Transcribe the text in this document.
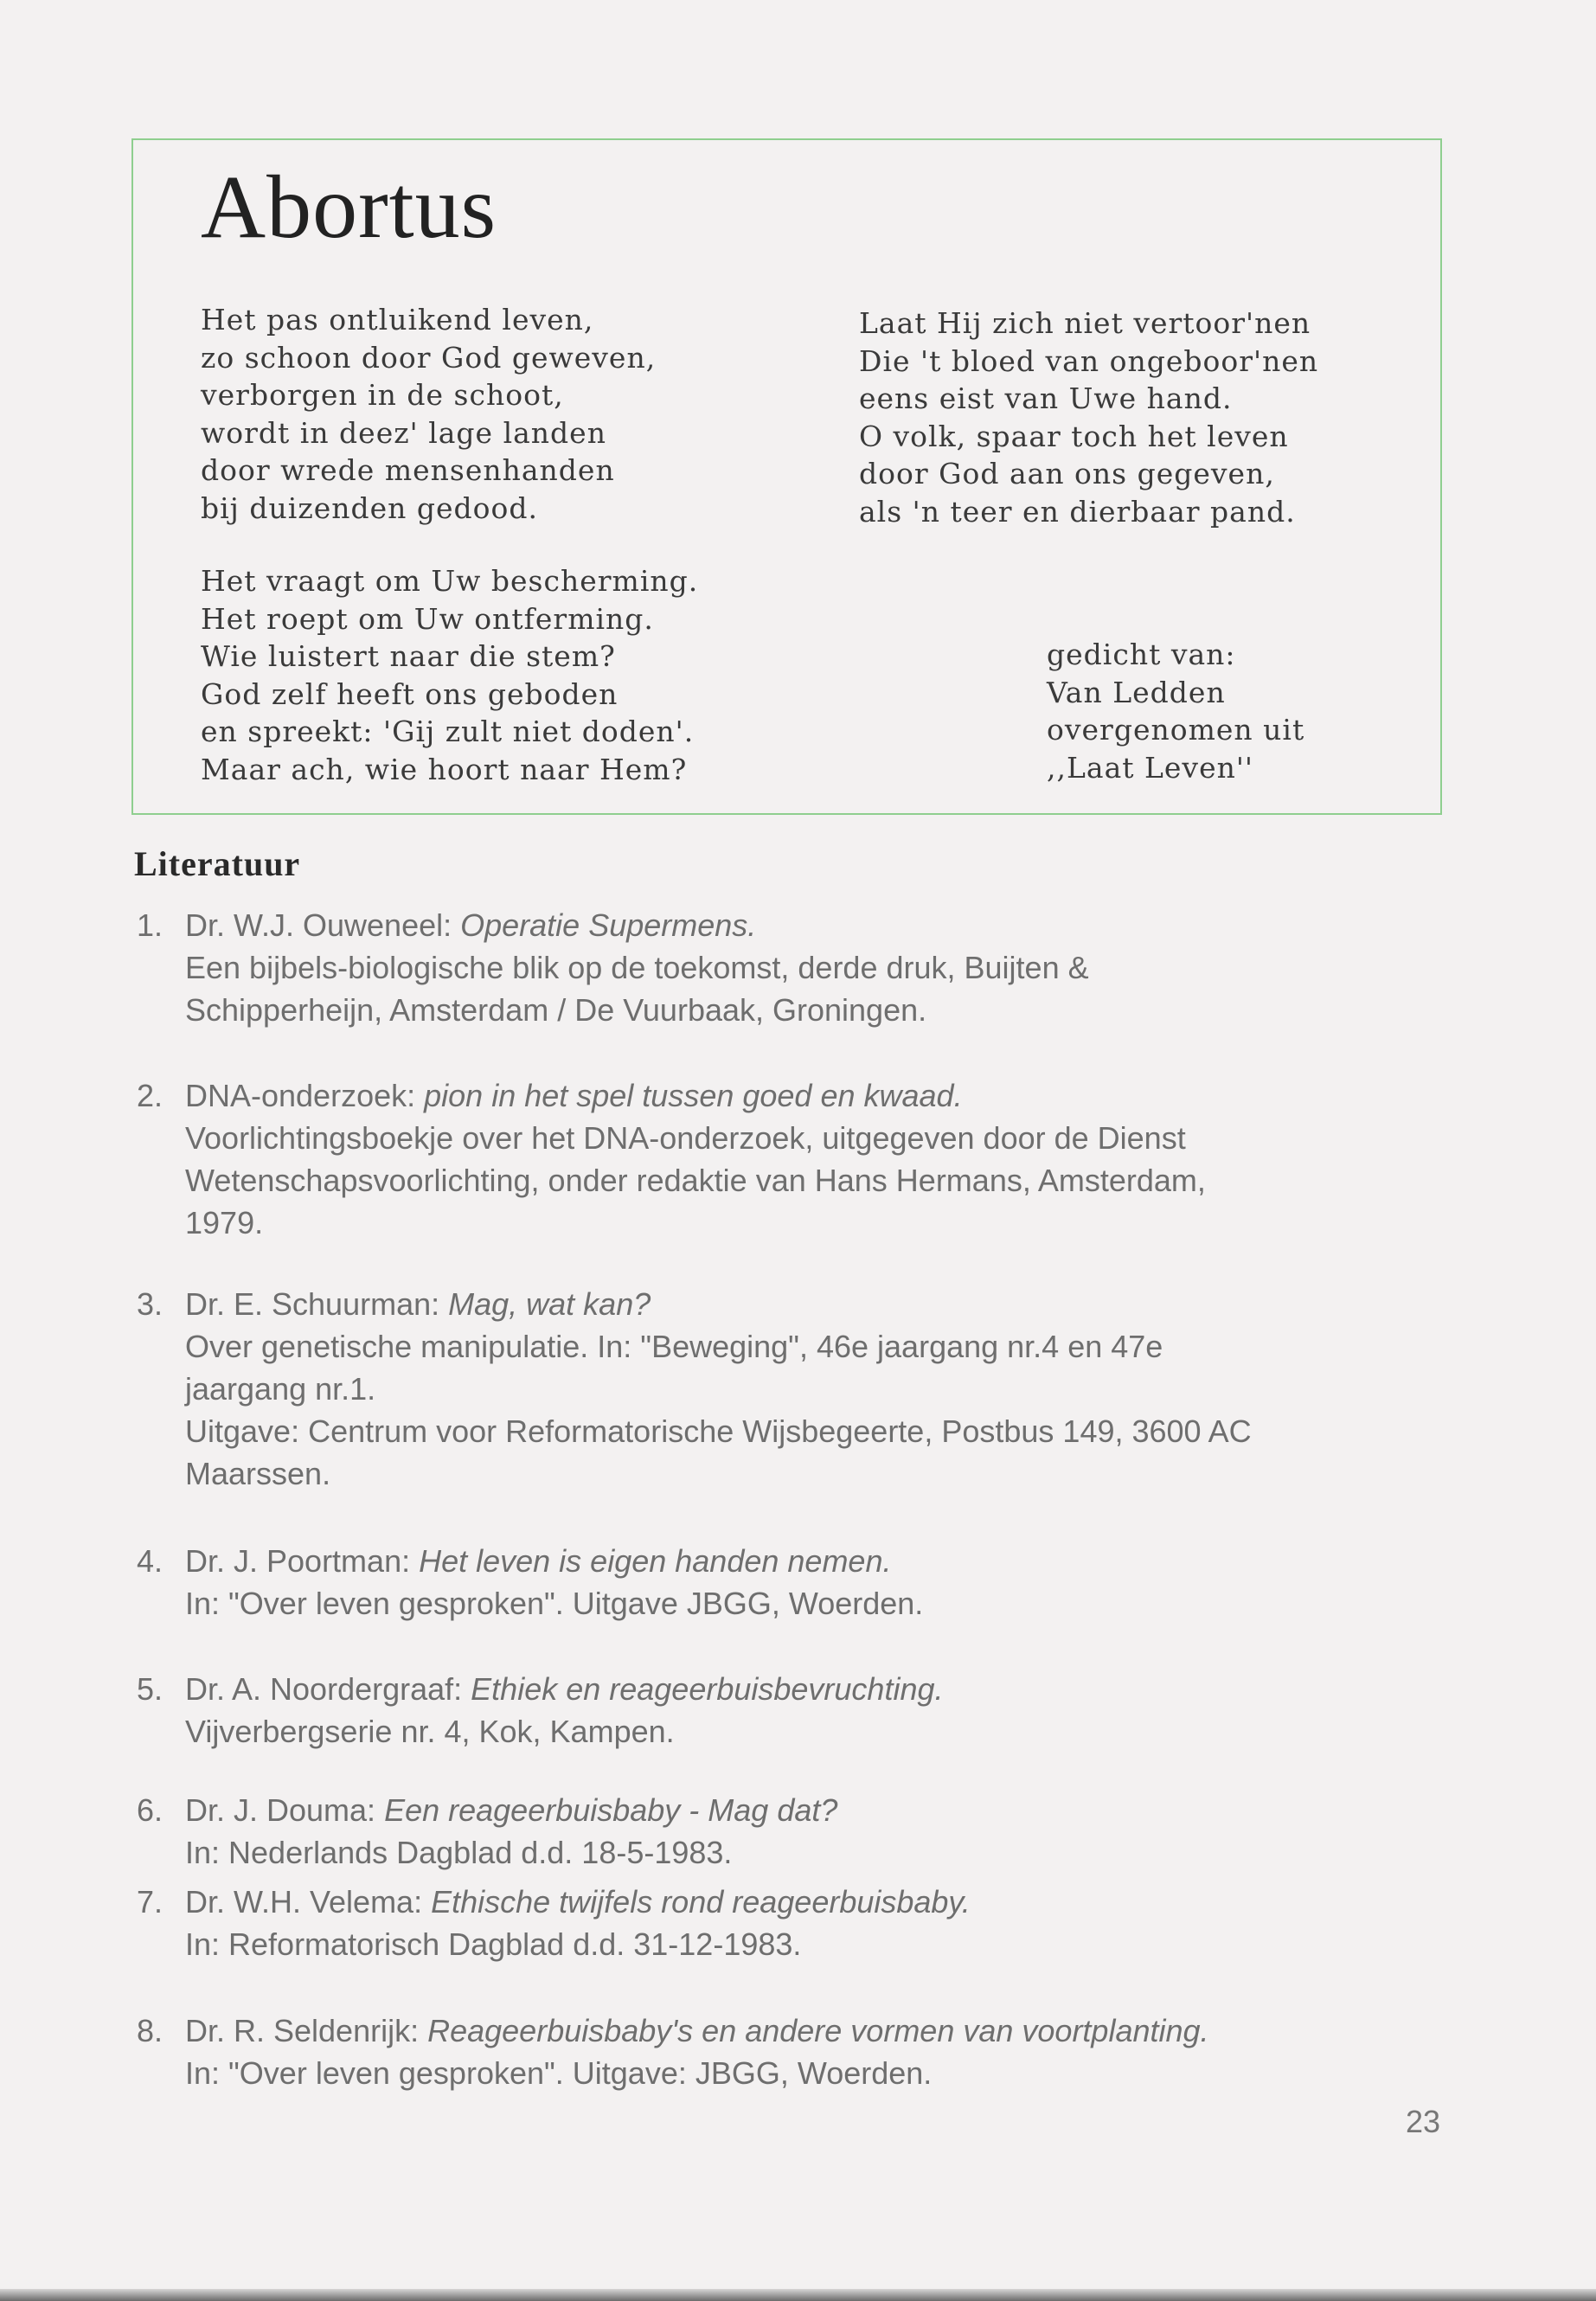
Abortus
Het pas ontluikend leven,
zo schoon door God geweven,
verborgen in de schoot,
wordt in deez' lage landen
door wrede mensenhanden
bij duizenden gedood.
Het vraagt om Uw bescherming.
Het roept om Uw ontferming.
Wie luistert naar die stem?
God zelf heeft ons geboden
en spreekt: 'Gij zult niet doden'.
Maar ach, wie hoort naar Hem?
Laat Hij zich niet vertoor'nen
Die 't bloed van ongeboor'nen
eens eist van Uwe hand.
O volk, spaar toch het leven
door God aan ons gegeven,
als 'n teer en dierbaar pand.
gedicht van:
Van Ledden
overgenomen uit
,,Laat Leven''
Literatuur
1. Dr. W.J. Ouweneel: Operatie Supermens.
Een bijbels-biologische blik op de toekomst, derde druk, Buijten &
Schipperheijn, Amsterdam / De Vuurbaak, Groningen.
2. DNA-onderzoek: pion in het spel tussen goed en kwaad.
Voorlichtingsboekje over het DNA-onderzoek, uitgegeven door de Dienst
Wetenschapsvoorlichting, onder redaktie van Hans Hermans, Amsterdam,
1979.
3. Dr. E. Schuurman: Mag, wat kan?
Over genetische manipulatie. In: "Beweging", 46e jaargang nr.4 en 47e
jaargang nr.1.
Uitgave: Centrum voor Reformatorische Wijsbegeerte, Postbus 149, 3600 AC
Maarssen.
4. Dr. J. Poortman: Het leven is eigen handen nemen.
In: "Over leven gesproken". Uitgave JBGG, Woerden.
5. Dr. A. Noordergraaf: Ethiek en reageerbuisbevruchting.
Vijverbergserie nr. 4, Kok, Kampen.
6. Dr. J. Douma: Een reageerbuisbaby - Mag dat?
In: Nederlands Dagblad d.d. 18-5-1983.
7. Dr. W.H. Velema: Ethische twijfels rond reageerbuisbaby.
In: Reformatorisch Dagblad d.d. 31-12-1983.
8. Dr. R. Seldenrijk: Reageerbuisbaby's en andere vormen van voortplanting.
In: "Over leven gesproken". Uitgave: JBGG, Woerden.
23
